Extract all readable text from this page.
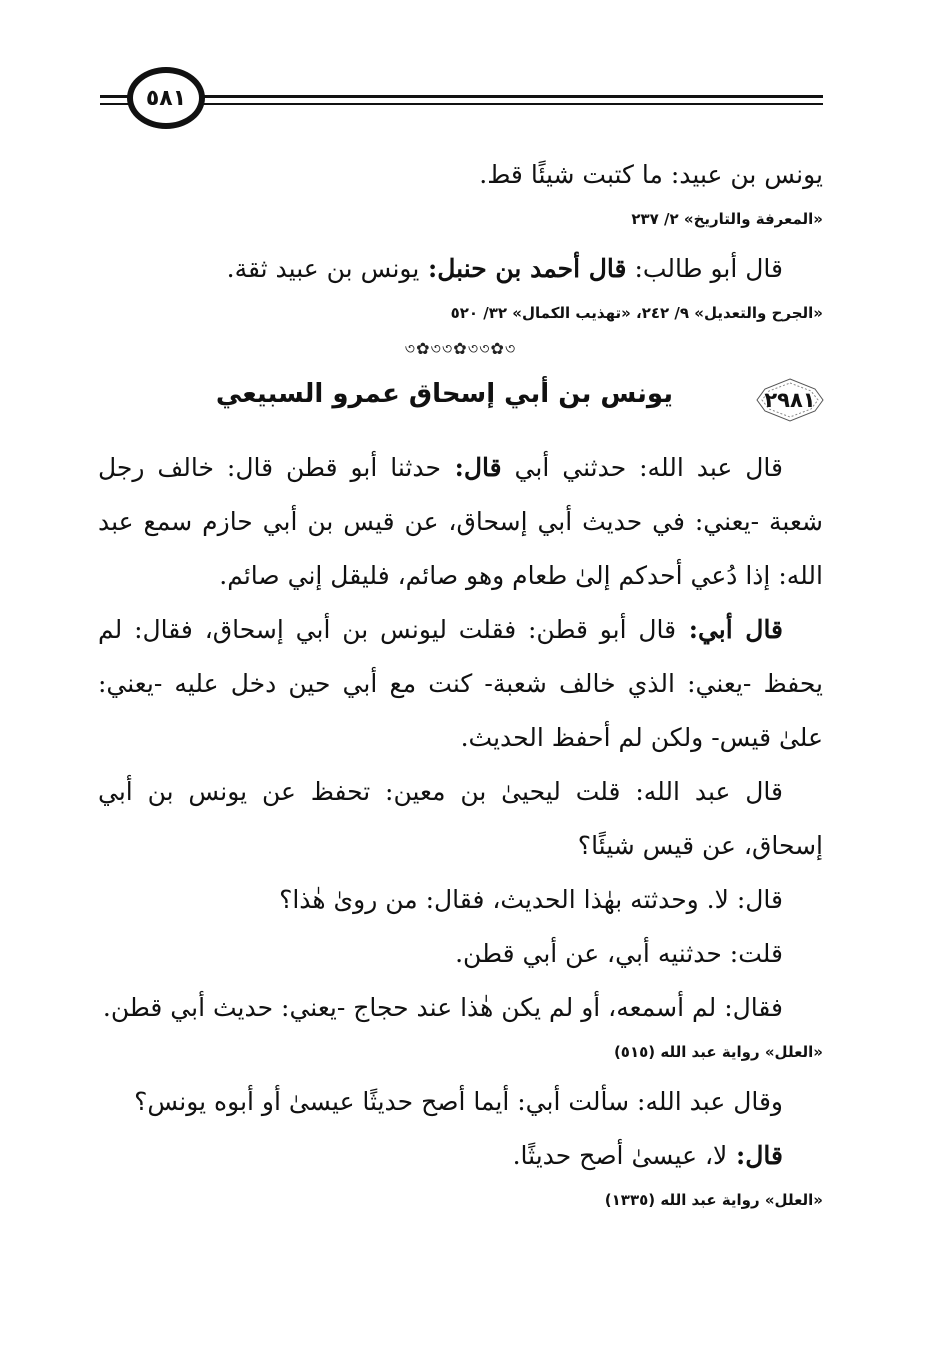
٥٨١

يونس بن عبيد: ما كتبت شيئًا قط.

«المعرفة والتاريخ» ٢/ ٢٣٧

قال أبو طالب: قال أحمد بن حنبل: يونس بن عبيد ثقة.

«الجرح والتعديل» ٩/ ٢٤٢، «تهذيب الكمال» ٣٢/ ٥٢٠
৩✿৩৩✿৩৩✿৩
٢٩٨١
يونس بن أبي إسحاق عمرو السبيعي

قال عبد الله: حدثني أبي قال: حدثنا أبو قطن قال: خالف رجل شعبة -يعني: في حديث أبي إسحاق، عن قيس بن أبي حازم سمع عبد الله: إذا دُعي أحدكم إلىٰ طعام وهو صائم، فليقل إني صائم.

قال أبي: قال أبو قطن: فقلت ليونس بن أبي إسحاق، فقال: لم يحفظ -يعني: الذي خالف شعبة- كنت مع أبي حين دخل عليه -يعني: علىٰ قيس- ولكن لم أحفظ الحديث.

قال عبد الله: قلت ليحيىٰ بن معين: تحفظ عن يونس بن أبي إسحاق، عن قيس شيئًا؟

قال: لا. وحدثته بهٰذا الحديث، فقال: من روىٰ هٰذا؟

قلت: حدثنيه أبي، عن أبي قطن.

فقال: لم أسمعه، أو لم يكن هٰذا عند حجاج -يعني: حديث أبي قطن.

«العلل» رواية عبد الله (٥١٥)

وقال عبد الله: سألت أبي: أيما أصح حديثًا عيسىٰ أو أبوه يونس؟

قال: لا، عيسىٰ أصح حديثًا.

«العلل» رواية عبد الله (١٣٣٥)
